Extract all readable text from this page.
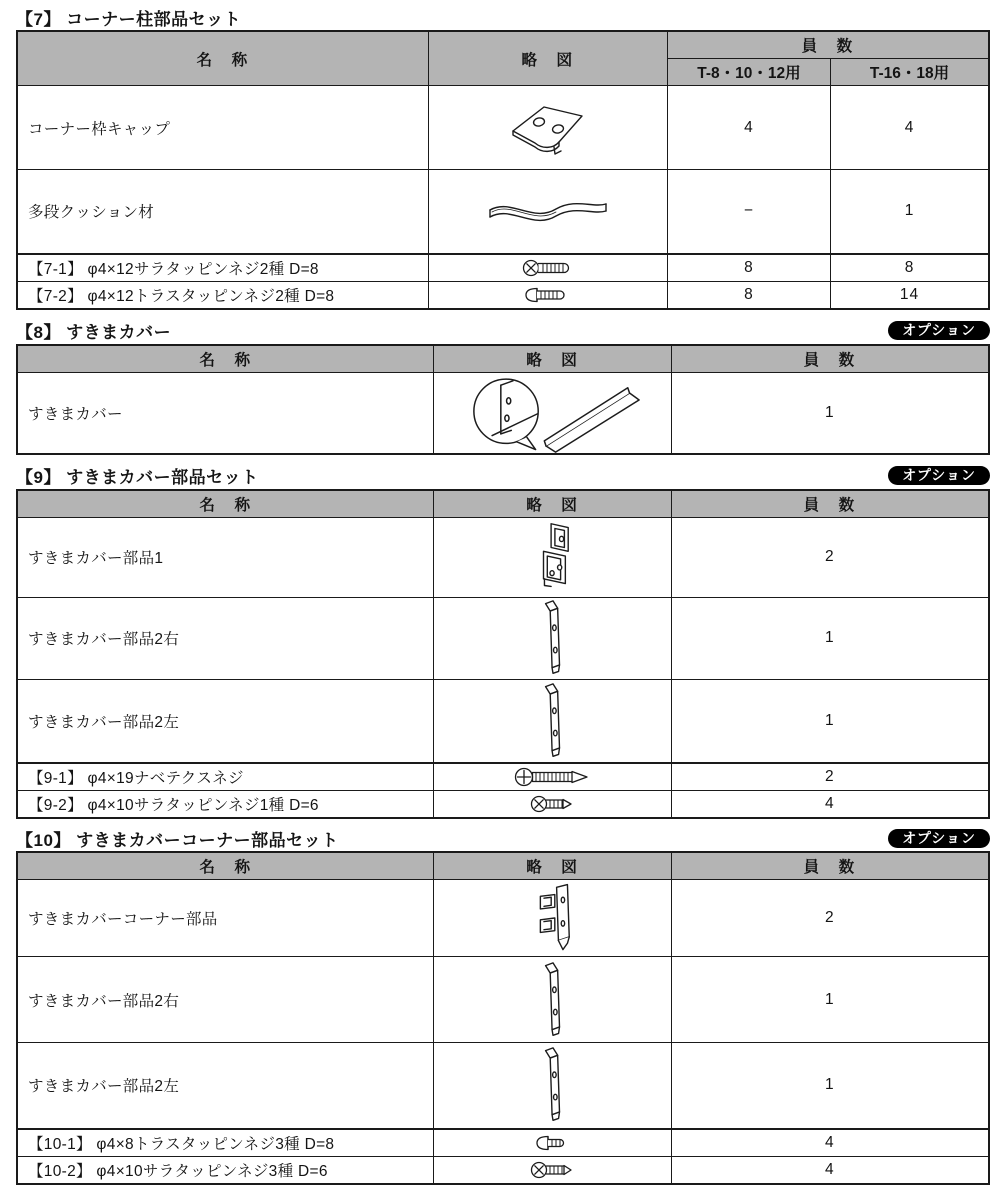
【7】 コーナー柱部品セット
名　称	略　図	員　数	
		T-8・10・12用	T-16・18用
コーナー枠キャップ		4	4
多段クッション材		−	1
【7-1】 φ4×12サラタッピンネジ2種 D=8		8	8
【7-2】 φ4×12トラスタッピンネジ2種 D=8		8	14
【8】 すきまカバー	オプション
名　称	略　図	員　数
すきまカバー		1
【9】 すきまカバー部品セット	オプション
名　称	略　図	員　数
すきまカバー部品1		2
すきまカバー部品2右		1
すきまカバー部品2左		1
【9-1】 φ4×19ナベテクスネジ		2
【9-2】 φ4×10サラタッピンネジ1種 D=6		4
【10】 すきまカバーコーナー部品セット	オプション
名　称	略　図	員　数
すきまカバーコーナー部品		2
すきまカバー部品2右		1
すきまカバー部品2左		1
【10-1】 φ4×8トラスタッピンネジ3種 D=8		4
【10-2】 φ4×10サラタッピンネジ3種 D=6		4
